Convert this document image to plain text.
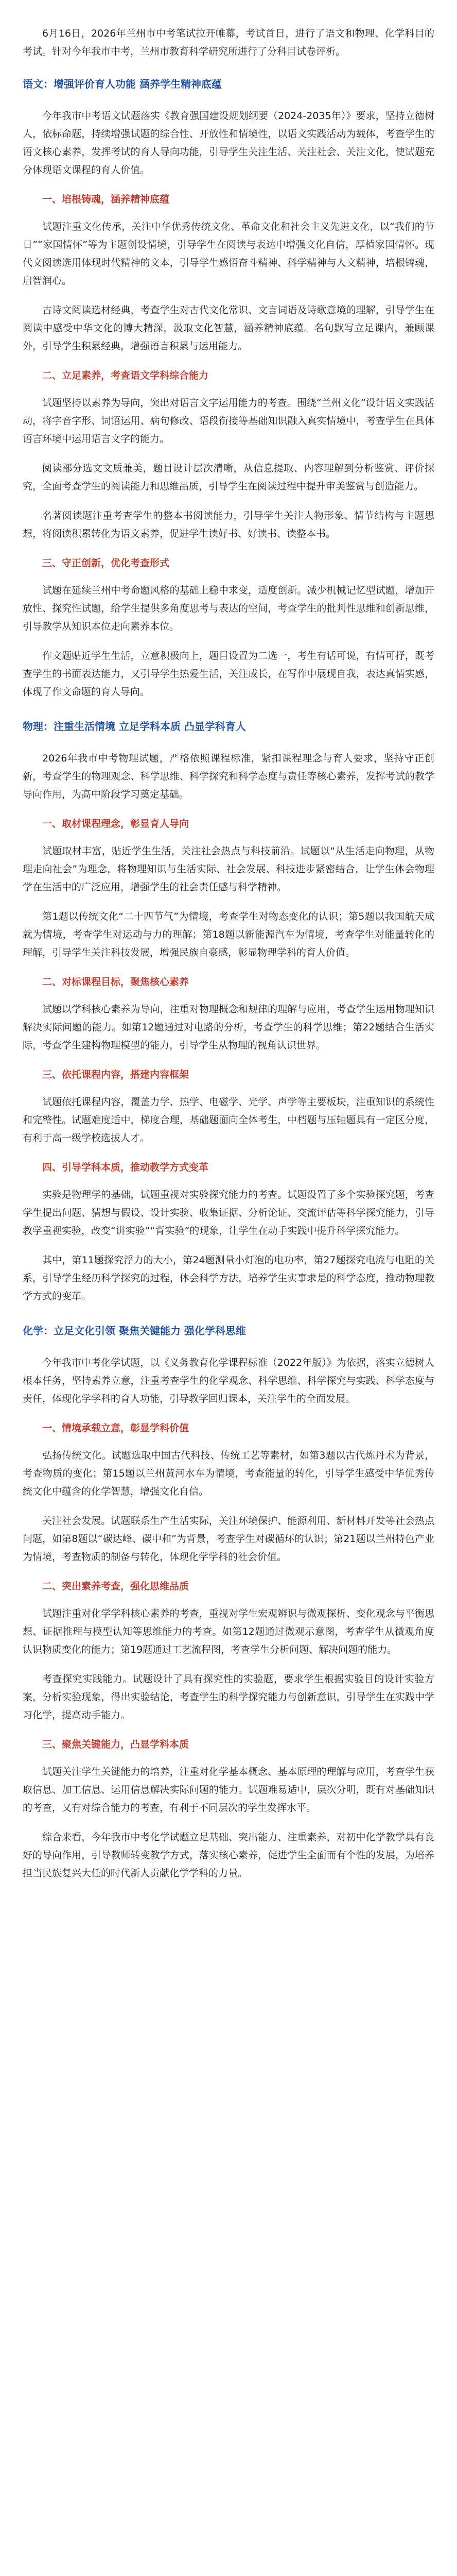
6月16日，2026年兰州市中考笔试拉开帷幕，考试首日，进行了语文和物理、化学科目的考试。针对今年我市中考，兰州市教育科学研究所进行了分科目试卷评析。

语文：增强评价育人功能 涵养学生精神底蕴

今年我市中考语文试题落实《教育强国建设规划纲要（2024-2035年）》要求，坚持立德树人，依标命题，持续增强试题的综合性、开放性和情境性，以语文实践活动为载体，考查学生的语文核心素养，发挥考试的育人导向功能，引导学生关注生活、关注社会、关注文化，使试题充分体现语文课程的育人价值。

一、培根铸魂，涵养精神底蕴

试题注重文化传承，关注中华优秀传统文化、革命文化和社会主义先进文化，以“我们的节日”“家国情怀”等为主题创设情境，引导学生在阅读与表达中增强文化自信，厚植家国情怀。现代文阅读选用体现时代精神的文本，引导学生感悟奋斗精神、科学精神与人文精神，培根铸魂，启智润心。

古诗文阅读选材经典，考查学生对古代文化常识、文言词语及诗歌意境的理解，引导学生在阅读中感受中华文化的博大精深，汲取文化智慧，涵养精神底蕴。名句默写立足课内，兼顾课外，引导学生积累经典，增强语言积累与运用能力。

二、立足素养，考查语文学科综合能力

试题坚持以素养为导向，突出对语言文字运用能力的考查。围绕“兰州文化”设计语文实践活动，将字音字形、词语运用、病句修改、语段衔接等基础知识融入真实情境中，考查学生在具体语言环境中运用语言文字的能力。

阅读部分选文文质兼美，题目设计层次清晰，从信息提取、内容理解到分析鉴赏、评价探究，全面考查学生的阅读能力和思维品质，引导学生在阅读过程中提升审美鉴赏与创造能力。

名著阅读题注重考查学生的整本书阅读能力，引导学生关注人物形象、情节结构与主题思想，将阅读积累转化为语文素养，促进学生读好书、好读书、读整本书。

三、守正创新，优化考查形式

试题在延续兰州中考命题风格的基础上稳中求变，适度创新。减少机械记忆型试题，增加开放性、探究性试题，给学生提供多角度思考与表达的空间，考查学生的批判性思维和创新思维，引导教学从知识本位走向素养本位。

作文题贴近学生生活，立意积极向上，题目设置为二选一，考生有话可说，有情可抒，既考查学生的书面表达能力，又引导学生热爱生活，关注成长，在写作中展现自我，表达真情实感，体现了作文命题的育人导向。

物理：注重生活情境 立足学科本质 凸显学科育人

2026年我市中考物理试题，严格依照课程标准，紧扣课程理念与育人要求，坚持守正创新，考查学生的物理观念、科学思维、科学探究和科学态度与责任等核心素养，发挥考试的教学导向作用，为高中阶段学习奠定基础。

一、取材课程理念，彰显育人导向

试题取材丰富，贴近学生生活，关注社会热点与科技前沿。试题以“从生活走向物理，从物理走向社会”为理念，将物理知识与生活实际、社会发展、科技进步紧密结合，让学生体会物理学在生活中的广泛应用，增强学生的社会责任感与科学精神。

第1题以传统文化“二十四节气”为情境，考查学生对物态变化的认识；第5题以我国航天成就为情境，考查学生对运动与力的理解；第18题以新能源汽车为情境，考查学生对能量转化的理解，引导学生关注科技发展，增强民族自豪感，彰显物理学科的育人价值。

二、对标课程目标，聚焦核心素养

试题以学科核心素养为导向，注重对物理概念和规律的理解与应用，考查学生运用物理知识解决实际问题的能力。如第12题通过对电路的分析，考查学生的科学思维；第22题结合生活实际，考查学生建构物理模型的能力，引导学生从物理的视角认识世界。

三、依托课程内容，搭建内容框架

试题依托课程内容，覆盖力学、热学、电磁学、光学、声学等主要板块，注重知识的系统性和完整性。试题难度适中，梯度合理，基础题面向全体考生，中档题与压轴题具有一定区分度，有利于高一级学校选拔人才。

四、引导学科本质，推动教学方式变革

实验是物理学的基础，试题重视对实验探究能力的考查。试题设置了多个实验探究题，考查学生提出问题、猜想与假设、设计实验、收集证据、分析论证、交流评估等科学探究能力，引导教学重视实验，改变“讲实验”“背实验”的现象，让学生在动手实践中提升科学探究能力。

其中，第11题探究浮力的大小，第24题测量小灯泡的电功率，第27题探究电流与电阻的关系，引导学生经历科学探究的过程，体会科学方法，培养学生实事求是的科学态度，推动物理教学方式的变革。

化学：立足文化引领 聚焦关键能力 强化学科思维

今年我市中考化学试题，以《义务教育化学课程标准（2022年版）》为依据，落实立德树人根本任务，坚持素养立意，注重考查学生的化学观念、科学思维、科学探究与实践、科学态度与责任，体现化学学科的育人功能，引导教学回归课本，关注学生的全面发展。

一、情境承载立意，彰显学科价值

弘扬传统文化。试题选取中国古代科技、传统工艺等素材，如第3题以古代炼丹术为背景，考查物质的变化；第15题以兰州黄河水车为情境，考查能量的转化，引导学生感受中华优秀传统文化中蕴含的化学智慧，增强文化自信。

关注社会发展。试题联系生产生活实际，关注环境保护、能源利用、新材料开发等社会热点问题，如第8题以“碳达峰、碳中和”为背景，考查学生对碳循环的认识；第21题以兰州特色产业为情境，考查物质的制备与转化，体现化学学科的社会价值。

二、突出素养考查，强化思维品质

试题注重对化学学科核心素养的考查，重视对学生宏观辨识与微观探析、变化观念与平衡思想、证据推理与模型认知等思维能力的考查。如第12题通过微观示意图，考查学生从微观角度认识物质变化的能力；第19题通过工艺流程图，考查学生分析问题、解决问题的能力。

考查探究实践能力。试题设计了具有探究性的实验题，要求学生根据实验目的设计实验方案，分析实验现象，得出实验结论，考查学生的科学探究能力与创新意识，引导学生在实践中学习化学，提高动手能力。

三、聚焦关键能力，凸显学科本质

试题关注学生关键能力的培养，注重对化学基本概念、基本原理的理解与应用，考查学生获取信息、加工信息、运用信息解决实际问题的能力。试题难易适中，层次分明，既有对基础知识的考查，又有对综合能力的考查，有利于不同层次的学生发挥水平。

综合来看，今年我市中考化学试题立足基础、突出能力、注重素养，对初中化学教学具有良好的导向作用，引导教师转变教学方式，落实核心素养，促进学生全面而有个性的发展，为培养担当民族复兴大任的时代新人贡献化学学科的力量。
